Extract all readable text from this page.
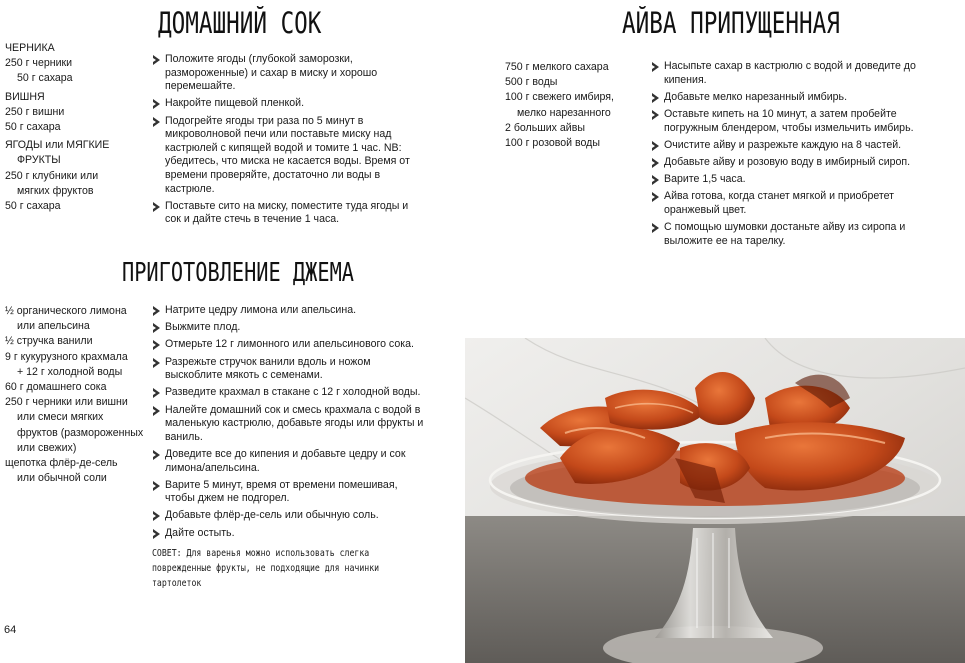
ДОМАШНИЙ СОК
ЧЕРНИКА
250 г черники
50 г сахара
ВИШНЯ
250 г вишни
50 г сахара
ЯГОДЫ или МЯГКИЕ
ФРУКТЫ
250 г клубники или
мягких фруктов
50 г сахара
Положите ягоды (глубокой заморозки, размороженные) и сахар в миску и хорошо перемешайте.
Накройте пищевой пленкой.
Подогрейте ягоды три раза по 5 минут в микроволновой печи или поставьте миску над кастрюлей с кипящей водой и томите 1 час. NB: убедитесь, что миска не касается воды. Время от времени проверяйте, достаточно ли воды в кастрюле.
Поставьте сито на миску, поместите туда ягоды и сок и дайте стечь в течение 1 часа.
АЙВА ПРИПУЩЕННАЯ
750 г мелкого сахара
500 г воды
100 г свежего имбиря,
мелко нарезанного
2 больших айвы
100 г розовой воды
Насыпьте сахар в кастрюлю с водой и доведите до кипения.
Добавьте мелко нарезанный имбирь.
Оставьте кипеть на 10 минут, а затем пробейте погружным блендером, чтобы измельчить имбирь.
Очистите айву и разрежьте каждую на 8 частей.
Добавьте айву и розовую воду в имбирный сироп.
Варите 1,5 часа.
Айва готова, когда станет мягкой и приобретет оранжевый цвет.
С помощью шумовки достаньте айву из сиропа и выложите ее на тарелку.
ПРИГОТОВЛЕНИЕ ДЖЕМА
½ органического лимона
или апельсина
½ стручка ванили
9 г кукурузного крахмала
+ 12 г холодной воды
60 г домашнего сока
250 г черники или вишни
или смеси мягких
фруктов (размороженных
или свежих)
щепотка флёр-де-сель
или обычной соли
Натрите цедру лимона или апельсина.
Выжмите плод.
Отмерьте 12 г лимонного или апельсинового сока.
Разрежьте стручок ванили вдоль и ножом выскоблите мякоть с семенами.
Разведите крахмал в стакане с 12 г холодной воды.
Налейте домашний сок и смесь крахмала с водой в маленькую кастрюлю, добавьте ягоды или фрукты и ваниль.
Доведите все до кипения и добавьте цедру и сок лимона/апельсина.
Варите 5 минут, время от времени помешивая, чтобы джем не подгорел.
Добавьте флёр-де-сель или обычную соль.
Дайте остыть.
СОВЕТ: Для варенья можно использовать слегка поврежденные фрукты, не подходящие для начинки тартолеток
64
